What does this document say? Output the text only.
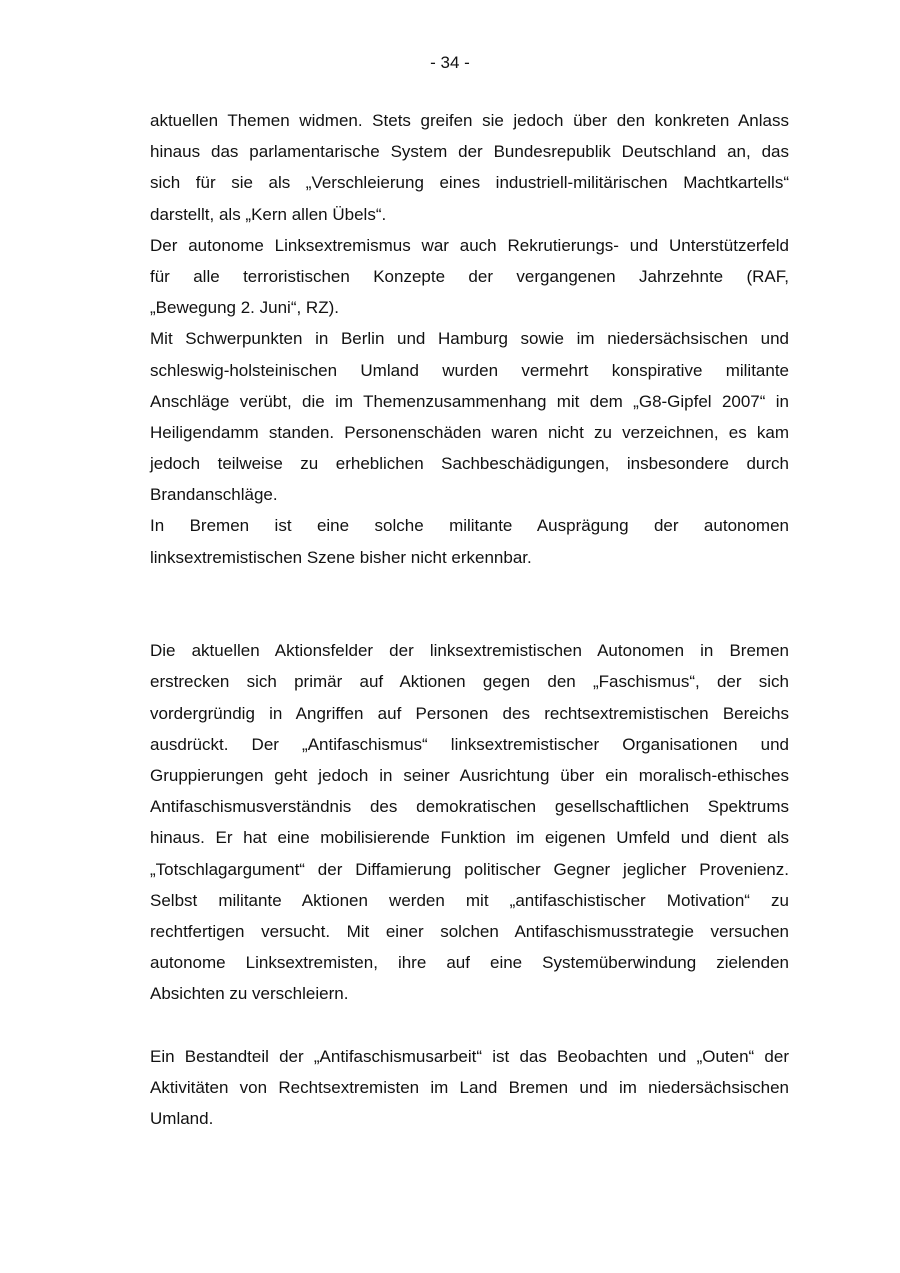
- 34 -
aktuellen Themen widmen. Stets greifen sie jedoch über den konkreten Anlass
hinaus das parlamentarische System der Bundesrepublik Deutschland an, das
sich für sie als „Verschleierung eines industriell-militärischen Machtkartells“
darstellt, als „Kern allen Übels“.
Der autonome Linksextremismus war auch Rekrutierungs- und Unterstützerfeld
für alle terroristischen Konzepte der vergangenen Jahrzehnte (RAF,
„Bewegung 2. Juni“, RZ).
Mit Schwerpunkten in Berlin und Hamburg sowie im niedersächsischen und
schleswig-holsteinischen Umland wurden vermehrt konspirative militante
Anschläge verübt, die im Themenzusammenhang mit dem „G8-Gipfel 2007“ in
Heiligendamm standen. Personenschäden waren nicht zu verzeichnen, es kam
jedoch teilweise zu erheblichen Sachbeschädigungen, insbesondere durch
Brandanschläge.
In Bremen ist eine solche militante Ausprägung der autonomen
linksextremistischen Szene bisher nicht erkennbar.
Die aktuellen Aktionsfelder der linksextremistischen Autonomen in Bremen
erstrecken sich primär auf Aktionen gegen den „Faschismus“, der sich
vordergründig in Angriffen auf Personen des rechtsextremistischen Bereichs
ausdrückt. Der „Antifaschismus“ linksextremistischer Organisationen und
Gruppierungen geht jedoch in seiner Ausrichtung über ein moralisch-ethisches
Antifaschismusverständnis des demokratischen gesellschaftlichen Spektrums
hinaus. Er hat eine mobilisierende Funktion im eigenen Umfeld und dient als
„Totschlagargument“ der Diffamierung politischer Gegner jeglicher Provenienz.
Selbst militante Aktionen werden mit „antifaschistischer Motivation“ zu
rechtfertigen versucht. Mit einer solchen Antifaschismusstrategie versuchen
autonome Linksextremisten, ihre auf eine Systemüberwindung zielenden
Absichten zu verschleiern.
Ein Bestandteil der „Antifaschismusarbeit“ ist das Beobachten und „Outen“ der
Aktivitäten von Rechtsextremisten im Land Bremen und im niedersächsischen
Umland.
